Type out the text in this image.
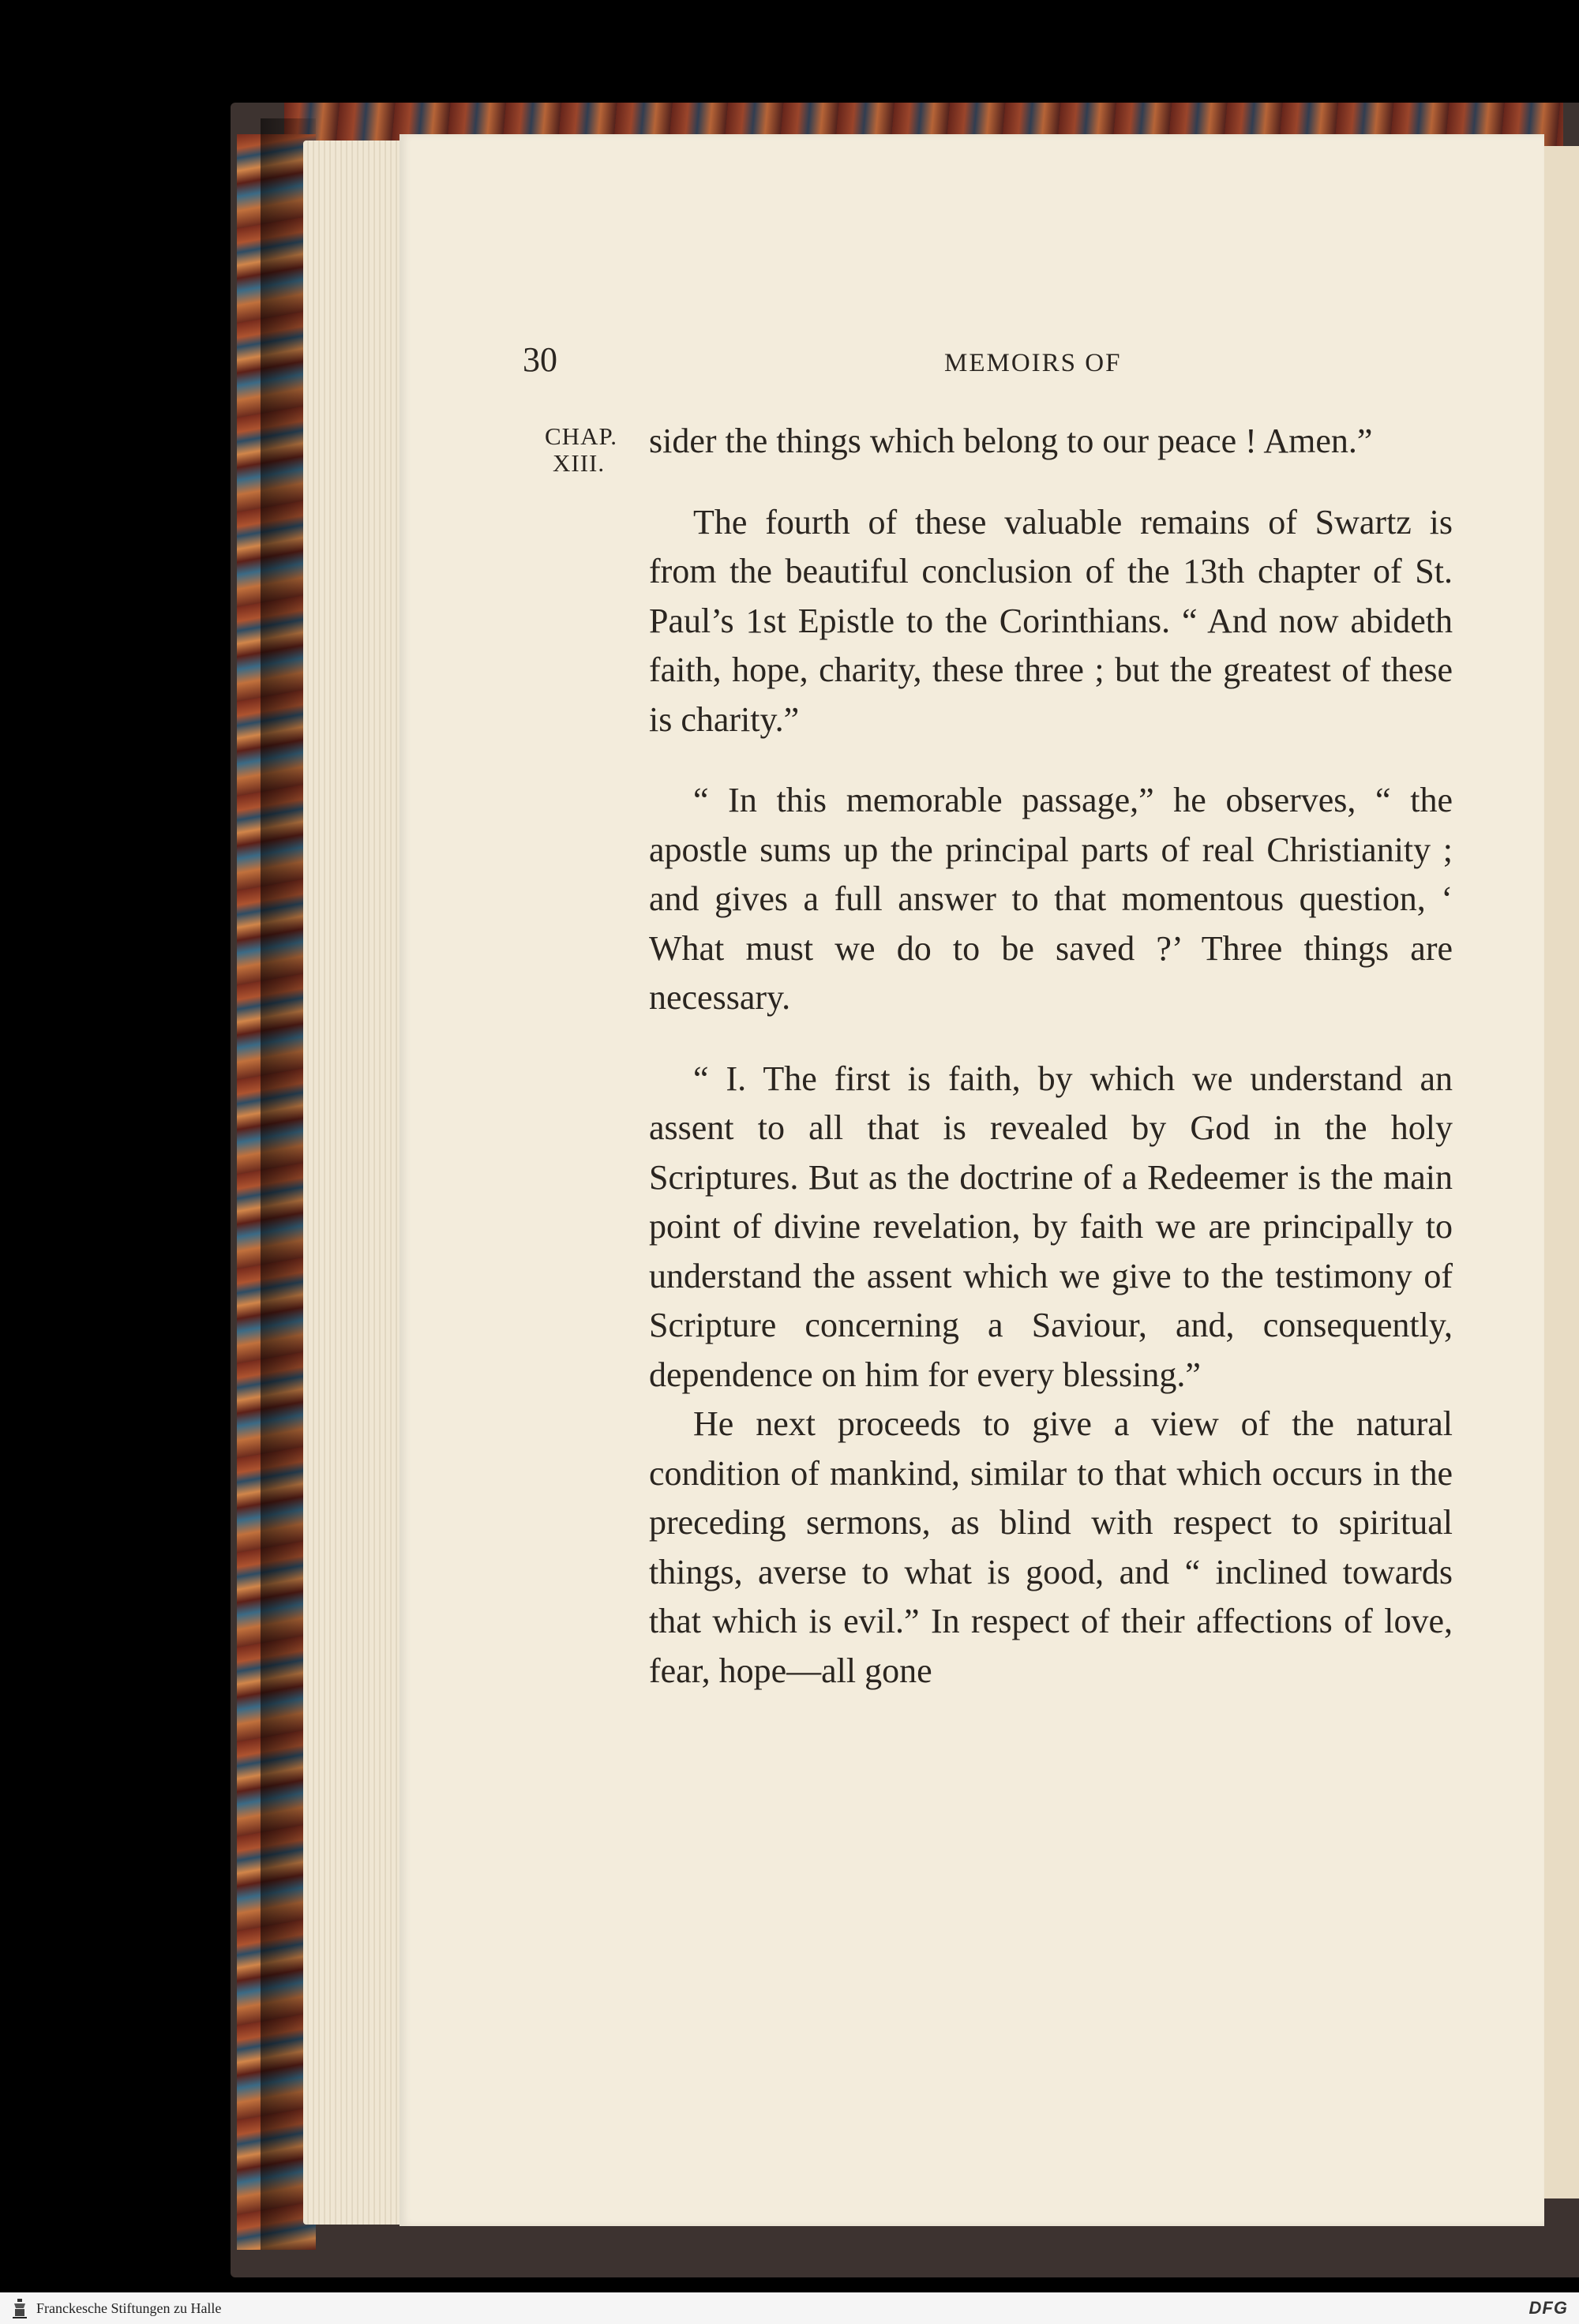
30	MEMOIRS OF
CHAP.
XIII.

sider the things which belong to our peace ! Amen.”

The fourth of these valuable remains of Swartz is from the beautiful conclusion of the 13th chapter of St. Paul’s 1st Epistle to the Corinthians. “ And now abideth faith, hope, charity, these three ; but the greatest of these is charity.”

“ In this memorable passage,” he observes, “ the apostle sums up the principal parts of real Christianity ; and gives a full answer to that momentous question, ‘ What must we do to be saved ?’ Three things are necessary.

“ I. The first is faith, by which we understand an assent to all that is revealed by God in the holy Scriptures. But as the doctrine of a Redeemer is the main point of divine revelation, by faith we are principally to understand the assent which we give to the testimony of Scripture concerning a Saviour, and, consequently, dependence on him for every blessing.”

He next proceeds to give a view of the natural condition of mankind, similar to that which occurs in the preceding sermons, as blind with respect to spiritual things, averse to what is good, and “ inclined towards that which is evil.” In respect of their affections of love, fear, hope—all gone

Franckesche Stiftungen zu Halle	DFG
